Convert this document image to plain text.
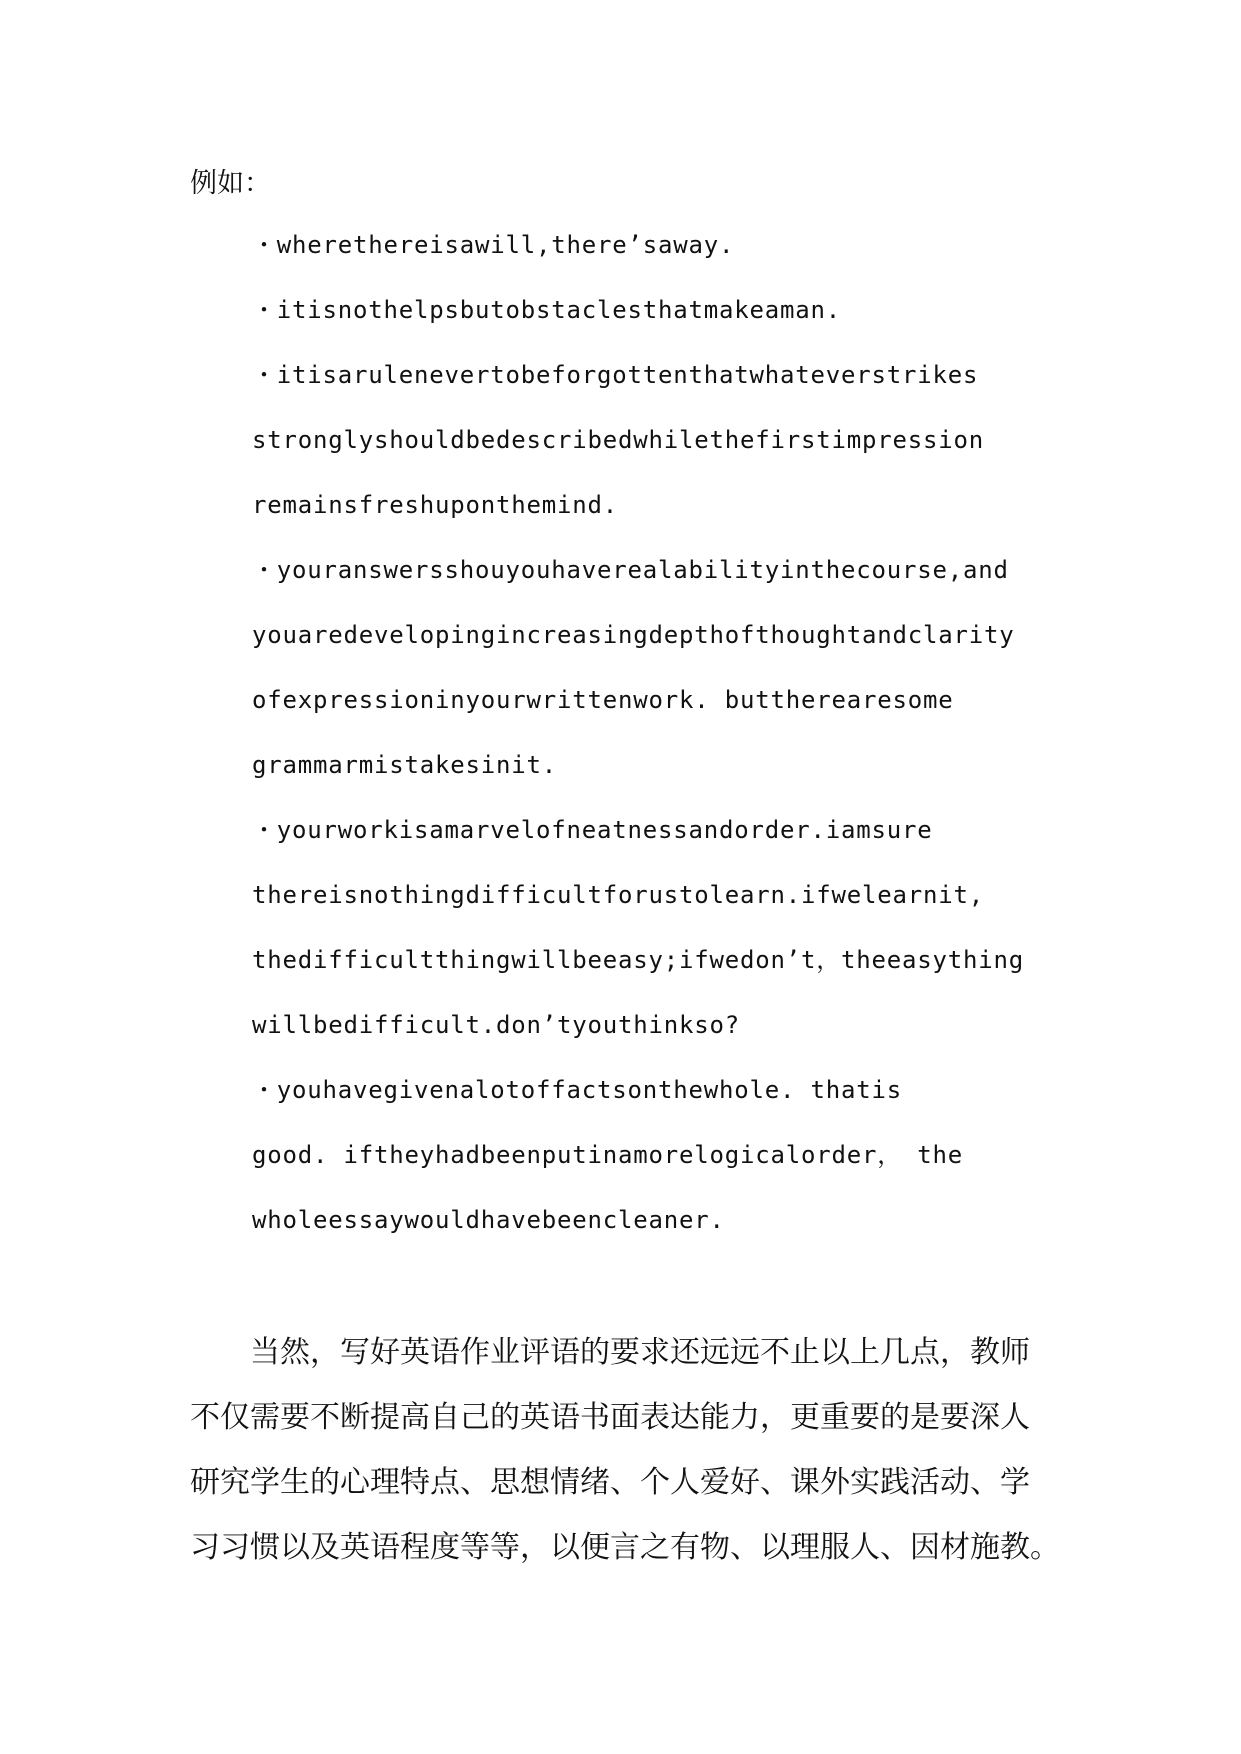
例如：
・wherethereisawill,there’saway.
・itisnothelpsbutobstaclesthatmakeaman.
・itisarulenevertobeforgottenthatwhateverstrikes
stronglyshouldbedescribedwhilethefirstimpression
remainsfreshuponthemind.
・youranswersshouyouhaverealabilityinthecourse,and
youaredevelopingincreasingdepthofthoughtandclarity
ofexpressioninyourwrittenwork. buttherearesome
grammarmistakesinit.
・yourworkisamarvelofneatnessandorder.iamsure
thereisnothingdifficultforustolearn.ifwelearnit,
thedifficultthingwillbeeasy;ifwedon’t，theeasything
willbedifficult.don’tyouthinkso?
・youhavegivenalotoffactsonthewhole. thatis
good. iftheyhadbeenputinamorelogicalorder， the
wholeessaywouldhavebeencleaner.
　　当然，写好英语作业评语的要求还远远不止以上几点，教师
不仅需要不断提高自己的英语书面表达能力，更重要的是要深人
研究学生的心理特点、思想情绪、个人爱好、课外实践活动、学
习习惯以及英语程度等等，以便言之有物、以理服人、因材施教。
